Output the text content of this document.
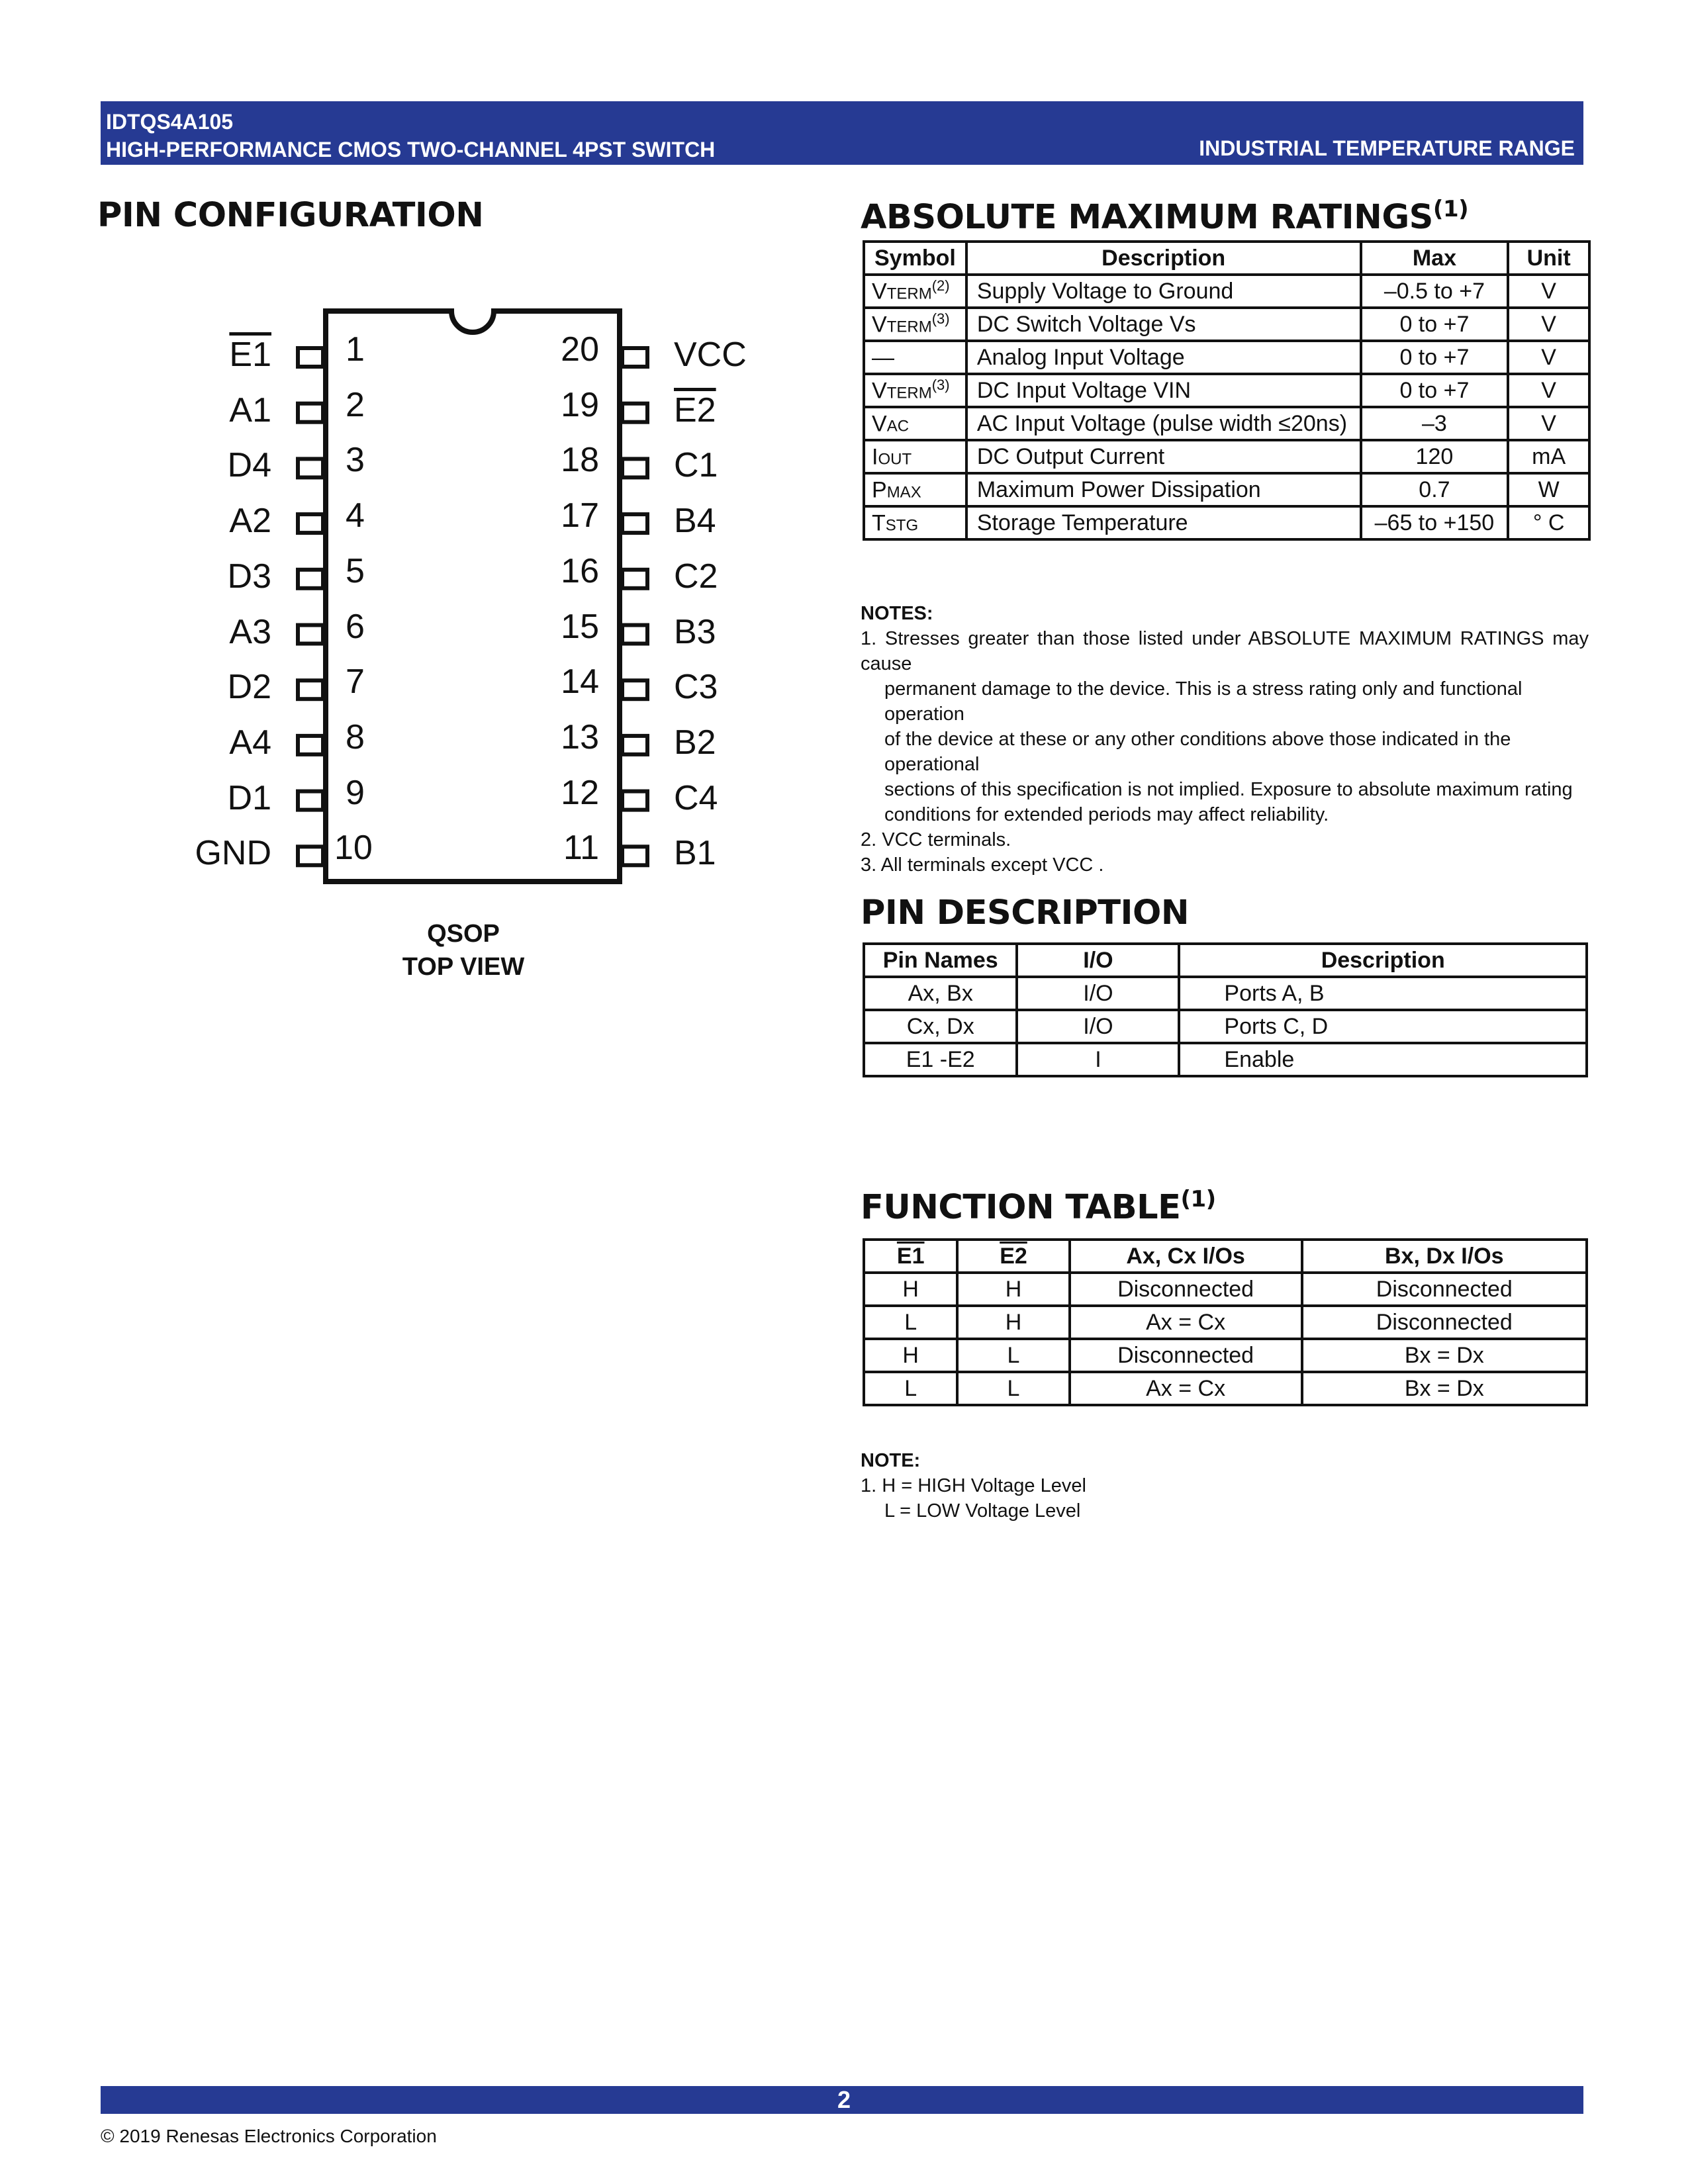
IDTQS4A105
HIGH-PERFORMANCE CMOS TWO-CHANNEL 4PST SWITCH	INDUSTRIAL TEMPERATURE RANGE
PIN CONFIGURATION
E1 1
A1 2
D4 3
A2 4
D3 5
A3 6
D2 7
A4 8
D1 9
GND 10
20 VCC
19 E2
18 C1
17 B4
16 C2
15 B3
14 C3
13 B2
12 C4
11 B1
QSOP
TOP VIEW
ABSOLUTE MAXIMUM RATINGS$^{(1)}$
Symbol	Description	Max	Unit
VTERM$^{(2)}$	Supply Voltage to Ground	–0.5 to +7	V
VTERM$^{(3)}$	DC Switch Voltage Vs	0 to +7	V
—	Analog Input Voltage	0 to +7	V
VTERM$^{(3)}$	DC Input Voltage VIN	0 to +7	V
VAC	AC Input Voltage (pulse width ≤20ns)	–3	V
IOUT	DC Output Current	120	mA
PMAX	Maximum Power Dissipation	0.7	W
TSTG	Storage Temperature	–65 to +150	° C
NOTES:
1. Stresses greater than those listed under ABSOLUTE MAXIMUM RATINGS may cause
permanent damage to the device. This is a stress rating only and functional operation
of the device at these or any other conditions above those indicated in the operational
sections of this specification is not implied. Exposure to absolute maximum rating
conditions for extended periods may affect reliability.
2. VCC terminals.
3. All terminals except VCC .
PIN DESCRIPTION
Pin Names	I/O	Description
Ax, Bx	I/O	Ports A, B
Cx, Dx	I/O	Ports C, D
E1 -E2	I	Enable
FUNCTION TABLE$^{(1)}$
E1	E2	Ax, Cx I/Os	Bx, Dx I/Os
H	H	Disconnected	Disconnected
L	H	Ax = Cx	Disconnected
H	L	Disconnected	Bx = Dx
L	L	Ax = Cx	Bx = Dx
NOTE:
1. H = HIGH Voltage Level
L = LOW Voltage Level
2
© 2019 Renesas Electronics Corporation
